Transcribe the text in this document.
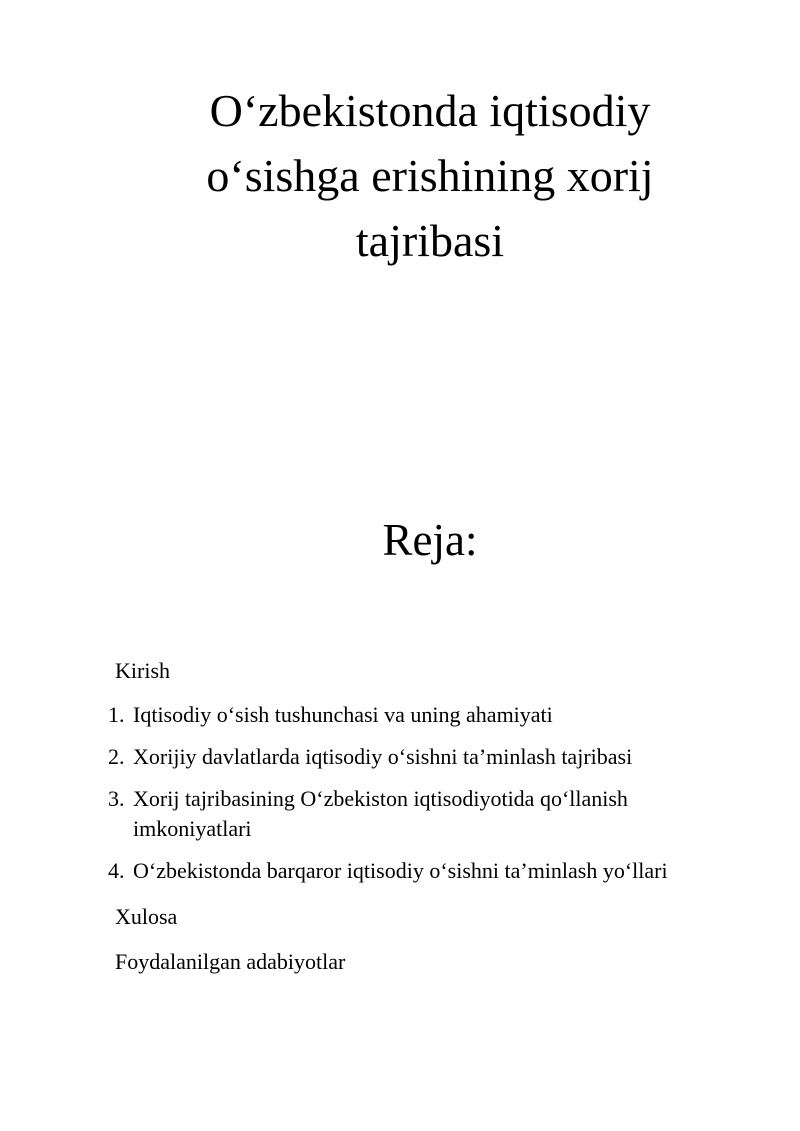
O‘zbekistonda iqtisodiy o‘sishga erishining xorij tajribasi
Reja:

Kirish

1. Iqtisodiy o‘sish tushunchasi va uning ahamiyati
2. Xorijiy davlatlarda iqtisodiy o‘sishni ta’minlash tajribasi
3. Xorij tajribasining O‘zbekiston iqtisodiyotida qo‘llanish imkoniyatlari
4. O‘zbekistonda barqaror iqtisodiy o‘sishni ta’minlash yo‘llari

Xulosa

Foydalanilgan adabiyotlar
